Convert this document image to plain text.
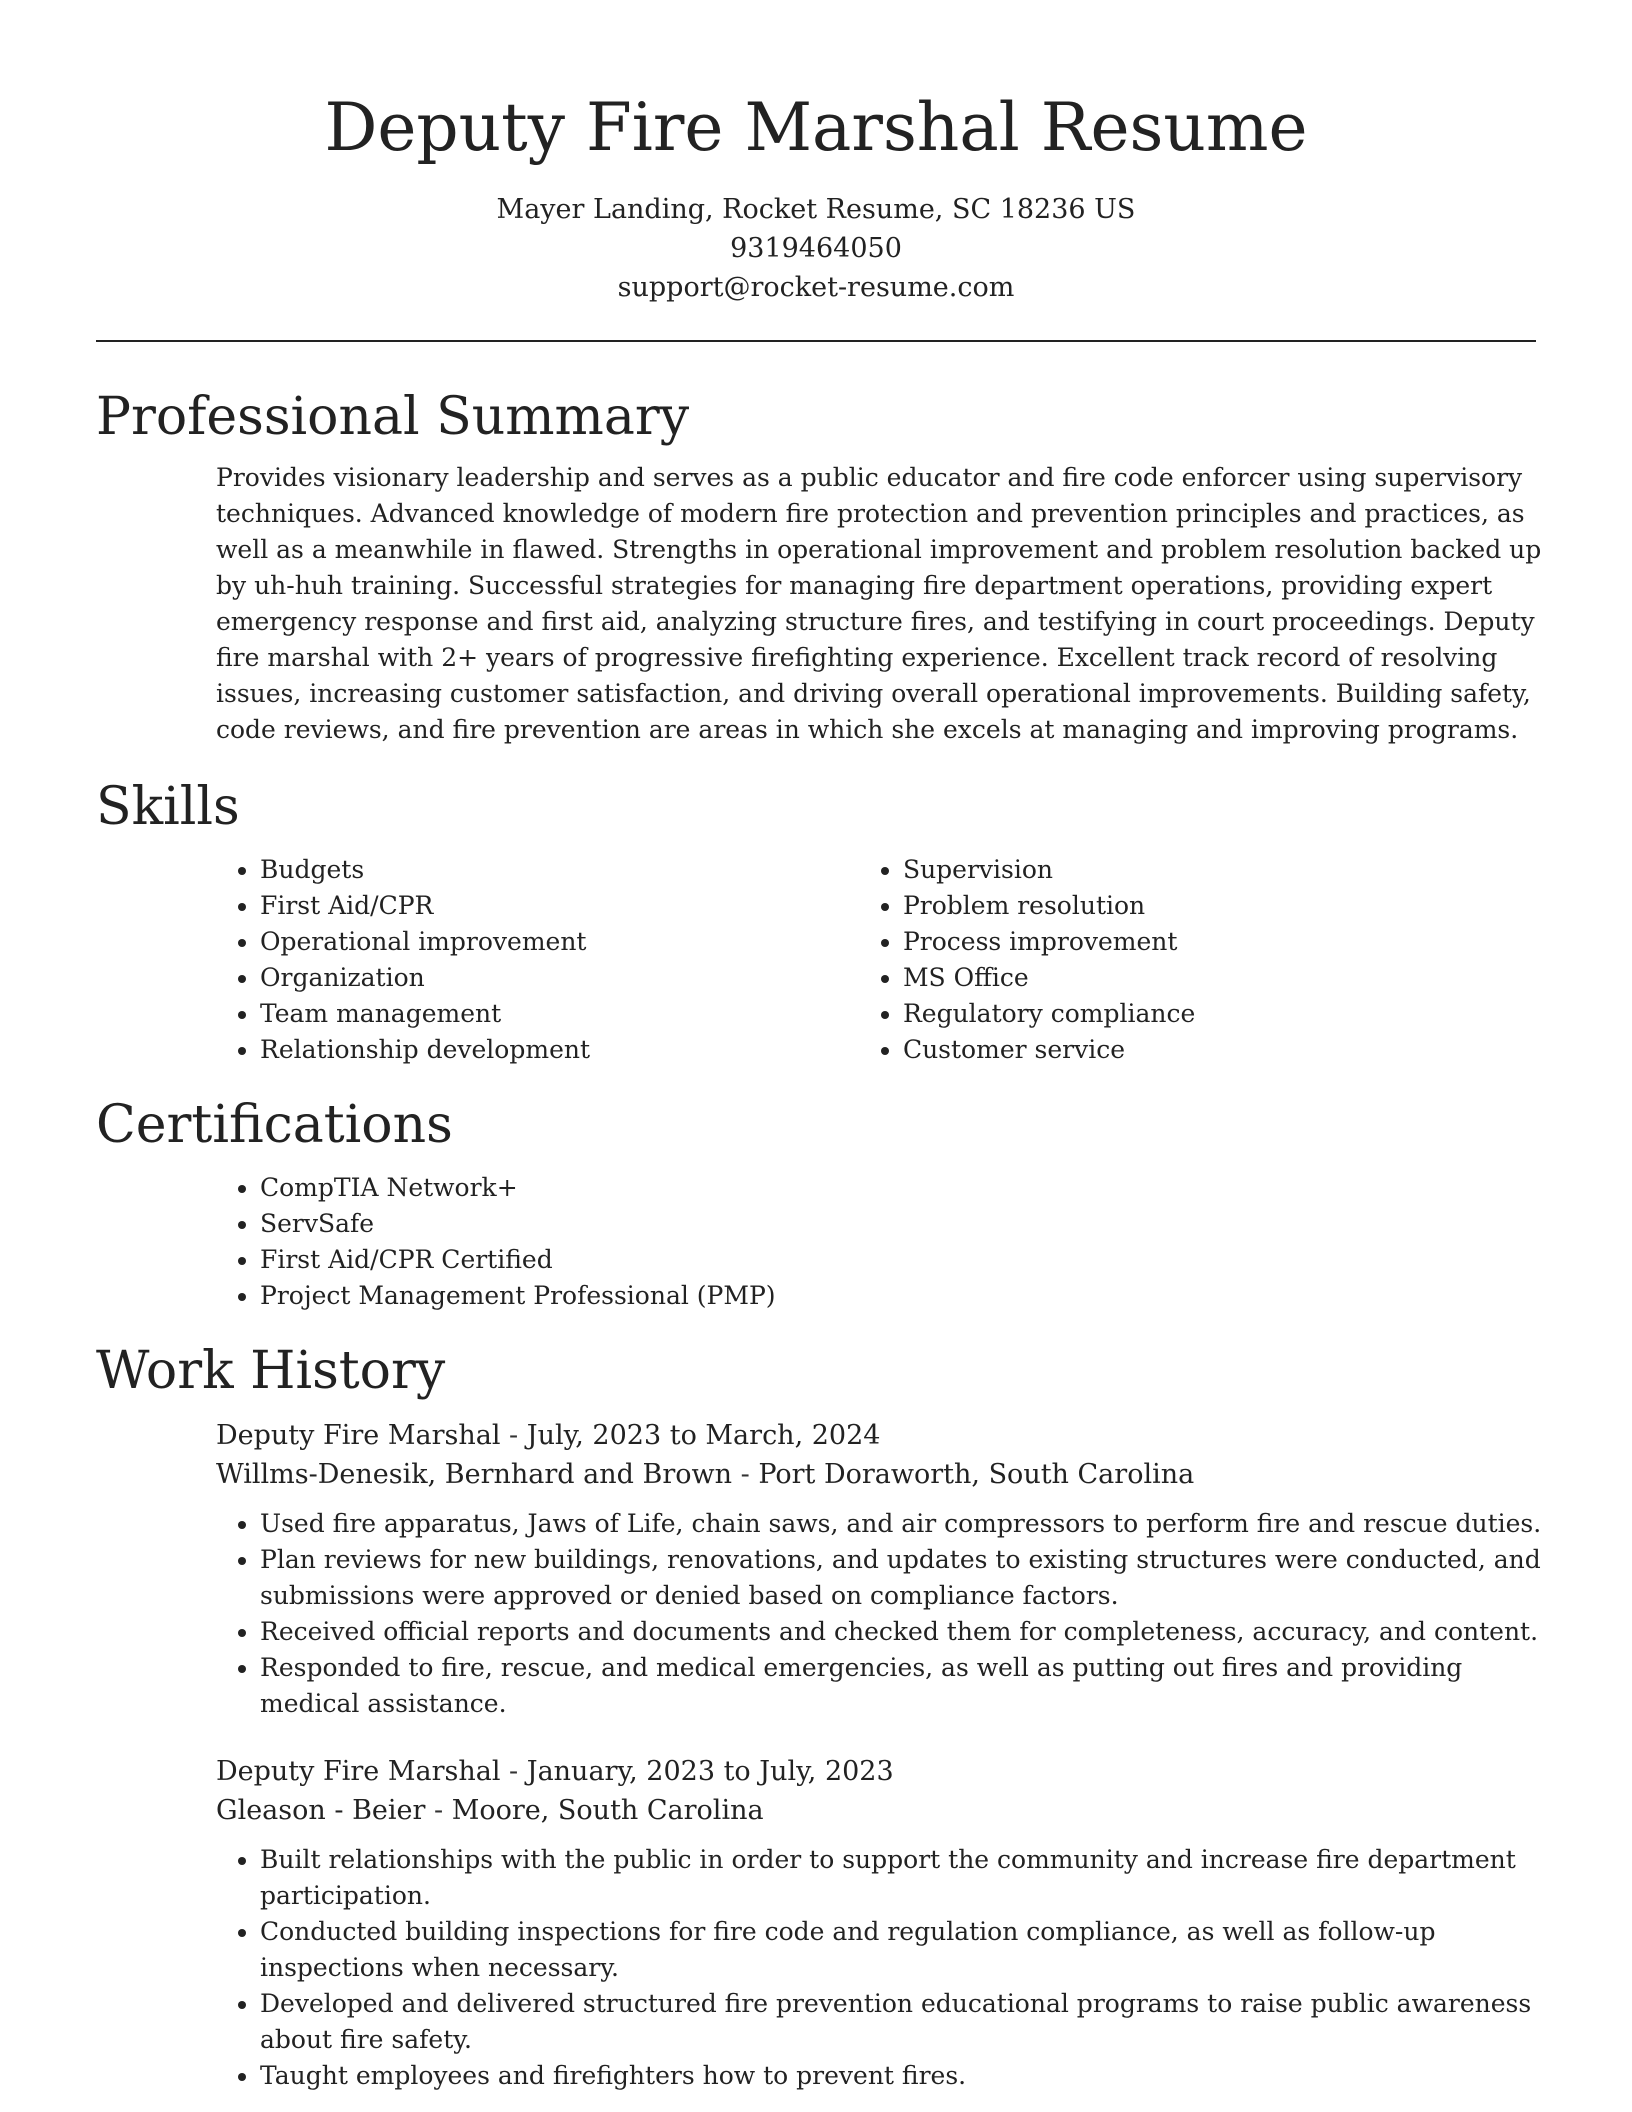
Deputy Fire Marshal Resume
Mayer Landing, Rocket Resume, SC 18236 US
9319464050
support@rocket-resume.com
Professional Summary

Provides visionary leadership and serves as a public educator and fire code enforcer using supervisory techniques. Advanced knowledge of modern fire protection and prevention principles and practices, as well as a meanwhile in flawed. Strengths in operational improvement and problem resolution backed up by uh-huh training. Successful strategies for managing fire department operations, providing expert emergency response and first aid, analyzing structure fires, and testifying in court proceedings. Deputy fire marshal with 2+ years of progressive firefighting experience. Excellent track record of resolving issues, increasing customer satisfaction, and driving overall operational improvements. Building safety, code reviews, and fire prevention are areas in which she excels at managing and improving programs.

Skills
• Budgets
• First Aid/CPR
• Operational improvement
• Organization
• Team management
• Relationship development
• Supervision
• Problem resolution
• Process improvement
• MS Office
• Regulatory compliance
• Customer service
Certifications
• CompTIA Network+
• ServSafe
• First Aid/CPR Certified
• Project Management Professional (PMP)
Work History
Deputy Fire Marshal - July, 2023 to March, 2024
Willms-Denesik, Bernhard and Brown - Port Doraworth, South Carolina
• Used fire apparatus, Jaws of Life, chain saws, and air compressors to perform fire and rescue duties.
• Plan reviews for new buildings, renovations, and updates to existing structures were conducted, and submissions were approved or denied based on compliance factors.
• Received official reports and documents and checked them for completeness, accuracy, and content.
• Responded to fire, rescue, and medical emergencies, as well as putting out fires and providing medical assistance.
Deputy Fire Marshal - January, 2023 to July, 2023
Gleason - Beier - Moore, South Carolina
• Built relationships with the public in order to support the community and increase fire department participation.
• Conducted building inspections for fire code and regulation compliance, as well as follow-up inspections when necessary.
• Developed and delivered structured fire prevention educational programs to raise public awareness about fire safety.
• Taught employees and firefighters how to prevent fires.
